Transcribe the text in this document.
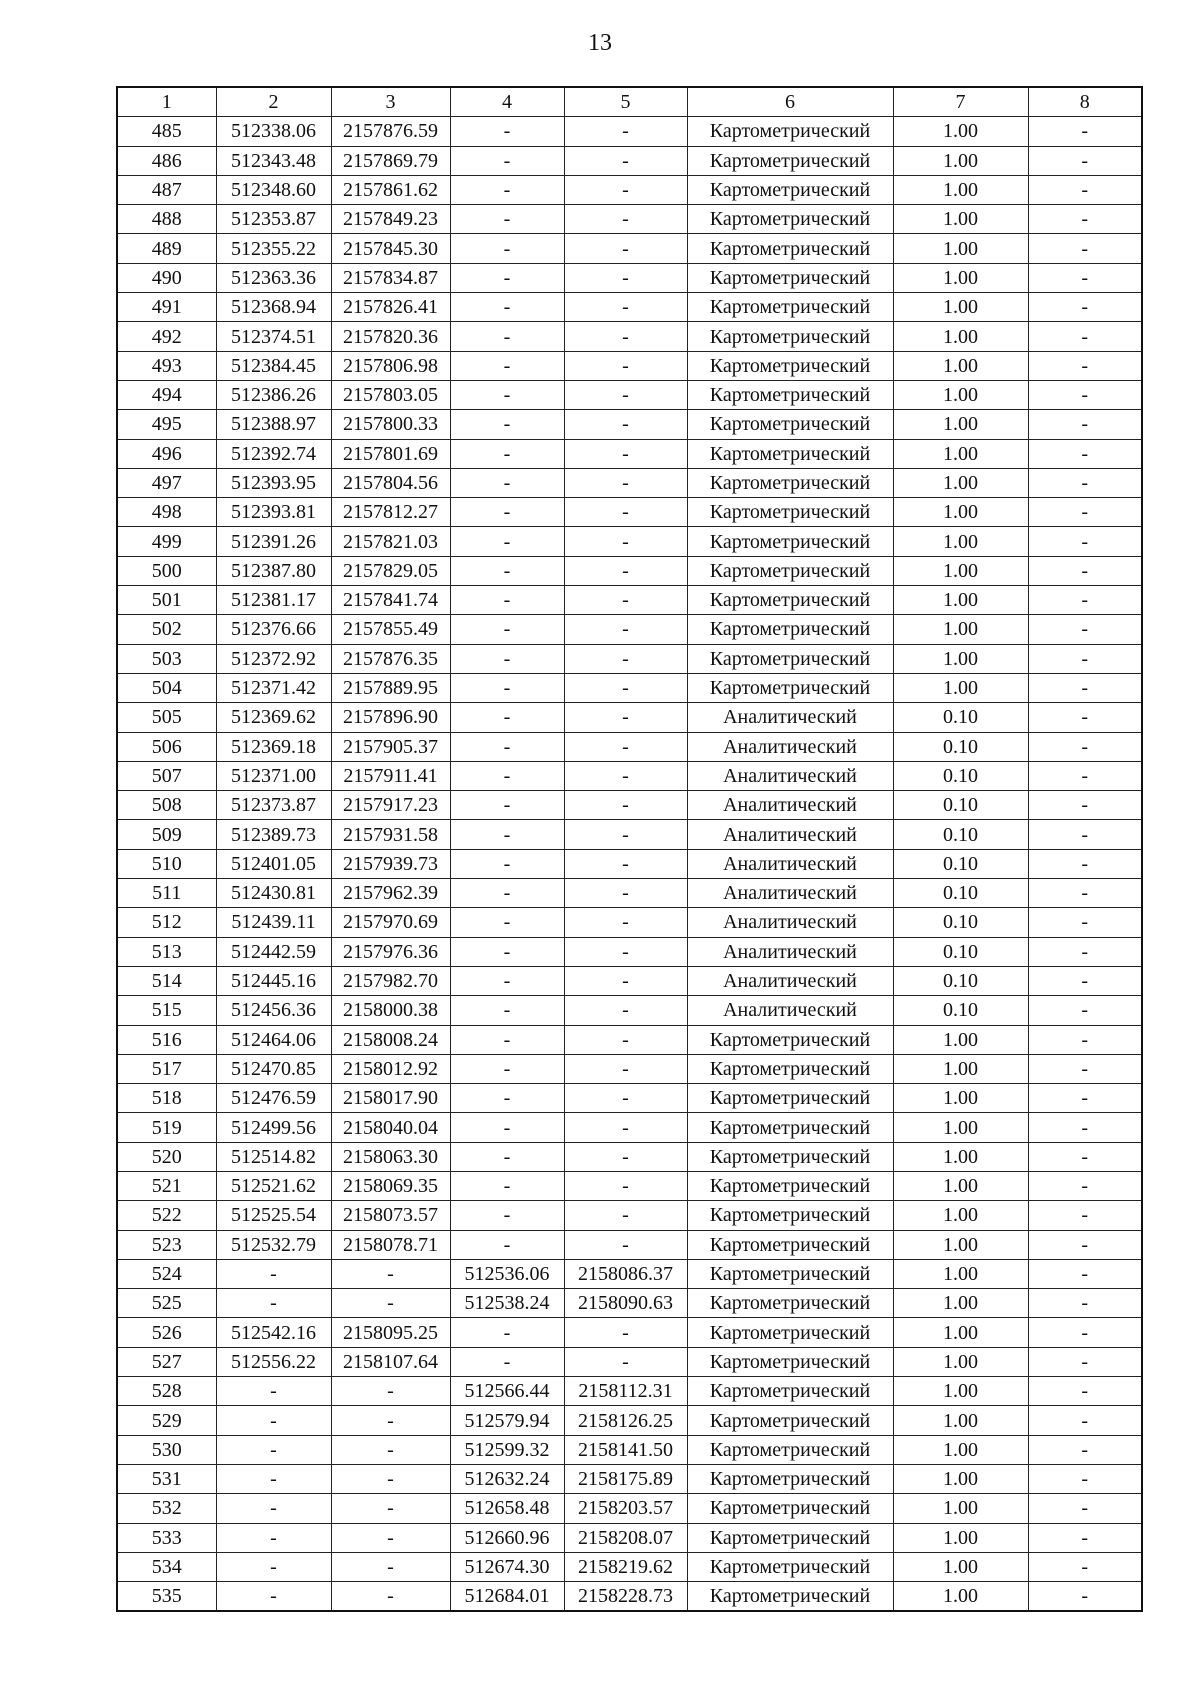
13
1	2	3	4	5	6	7	8
485	512338.06	2157876.59	-	-	Картометрический	1.00	-
486	512343.48	2157869.79	-	-	Картометрический	1.00	-
487	512348.60	2157861.62	-	-	Картометрический	1.00	-
488	512353.87	2157849.23	-	-	Картометрический	1.00	-
489	512355.22	2157845.30	-	-	Картометрический	1.00	-
490	512363.36	2157834.87	-	-	Картометрический	1.00	-
491	512368.94	2157826.41	-	-	Картометрический	1.00	-
492	512374.51	2157820.36	-	-	Картометрический	1.00	-
493	512384.45	2157806.98	-	-	Картометрический	1.00	-
494	512386.26	2157803.05	-	-	Картометрический	1.00	-
495	512388.97	2157800.33	-	-	Картометрический	1.00	-
496	512392.74	2157801.69	-	-	Картометрический	1.00	-
497	512393.95	2157804.56	-	-	Картометрический	1.00	-
498	512393.81	2157812.27	-	-	Картометрический	1.00	-
499	512391.26	2157821.03	-	-	Картометрический	1.00	-
500	512387.80	2157829.05	-	-	Картометрический	1.00	-
501	512381.17	2157841.74	-	-	Картометрический	1.00	-
502	512376.66	2157855.49	-	-	Картометрический	1.00	-
503	512372.92	2157876.35	-	-	Картометрический	1.00	-
504	512371.42	2157889.95	-	-	Картометрический	1.00	-
505	512369.62	2157896.90	-	-	Аналитический	0.10	-
506	512369.18	2157905.37	-	-	Аналитический	0.10	-
507	512371.00	2157911.41	-	-	Аналитический	0.10	-
508	512373.87	2157917.23	-	-	Аналитический	0.10	-
509	512389.73	2157931.58	-	-	Аналитический	0.10	-
510	512401.05	2157939.73	-	-	Аналитический	0.10	-
511	512430.81	2157962.39	-	-	Аналитический	0.10	-
512	512439.11	2157970.69	-	-	Аналитический	0.10	-
513	512442.59	2157976.36	-	-	Аналитический	0.10	-
514	512445.16	2157982.70	-	-	Аналитический	0.10	-
515	512456.36	2158000.38	-	-	Аналитический	0.10	-
516	512464.06	2158008.24	-	-	Картометрический	1.00	-
517	512470.85	2158012.92	-	-	Картометрический	1.00	-
518	512476.59	2158017.90	-	-	Картометрический	1.00	-
519	512499.56	2158040.04	-	-	Картометрический	1.00	-
520	512514.82	2158063.30	-	-	Картометрический	1.00	-
521	512521.62	2158069.35	-	-	Картометрический	1.00	-
522	512525.54	2158073.57	-	-	Картометрический	1.00	-
523	512532.79	2158078.71	-	-	Картометрический	1.00	-
524	-	-	512536.06	2158086.37	Картометрический	1.00	-
525	-	-	512538.24	2158090.63	Картометрический	1.00	-
526	512542.16	2158095.25	-	-	Картометрический	1.00	-
527	512556.22	2158107.64	-	-	Картометрический	1.00	-
528	-	-	512566.44	2158112.31	Картометрический	1.00	-
529	-	-	512579.94	2158126.25	Картометрический	1.00	-
530	-	-	512599.32	2158141.50	Картометрический	1.00	-
531	-	-	512632.24	2158175.89	Картометрический	1.00	-
532	-	-	512658.48	2158203.57	Картометрический	1.00	-
533	-	-	512660.96	2158208.07	Картометрический	1.00	-
534	-	-	512674.30	2158219.62	Картометрический	1.00	-
535	-	-	512684.01	2158228.73	Картометрический	1.00	-
